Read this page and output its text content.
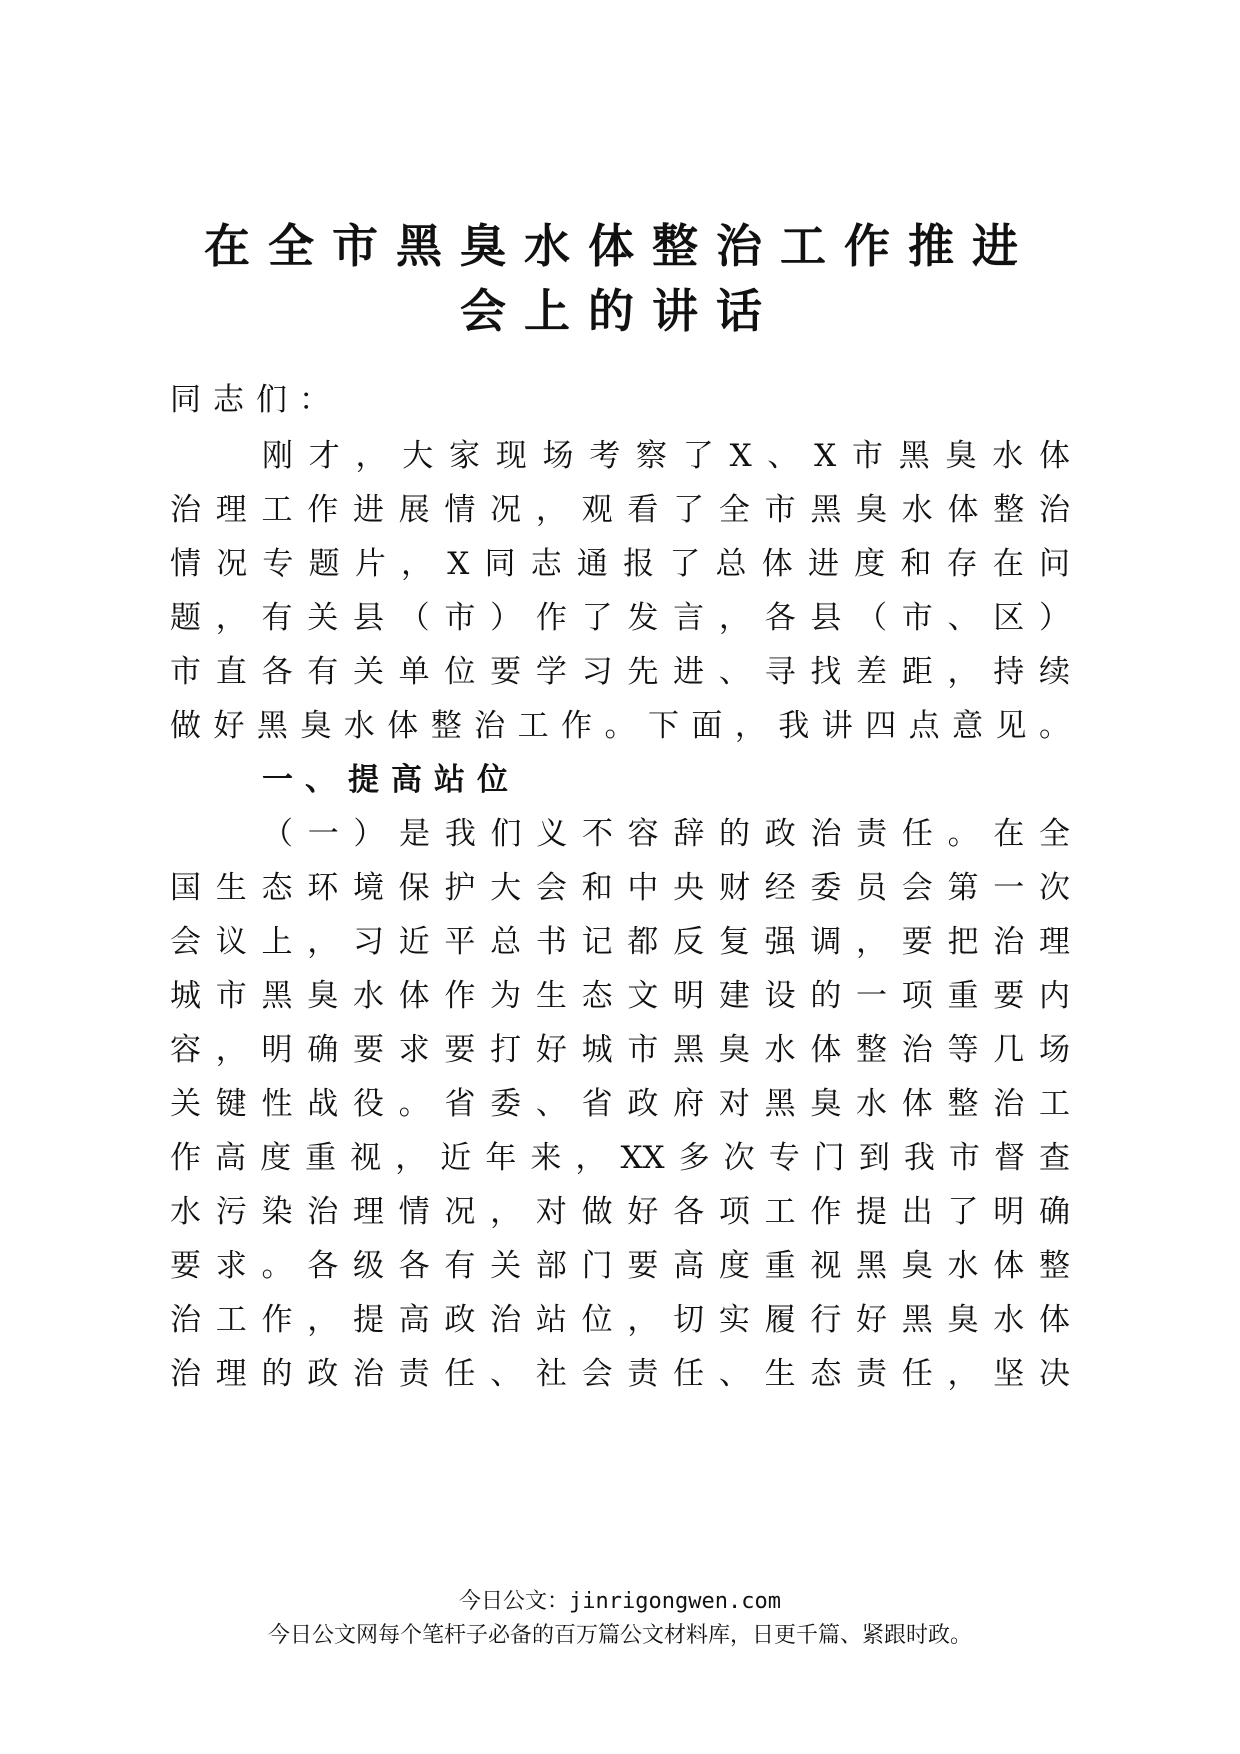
在全市黑臭水体整治工作推进
会上的讲话
同志们：
刚才，大家现场考察了X、X市黑臭水体
治理工作进展情况，观看了全市黑臭水体整治
情况专题片，X同志通报了总体进度和存在问
题，有关县（市）作了发言，各县（市、区）
市直各有关单位要学习先进、寻找差距，持续
做好黑臭水体整治工作。下面，我讲四点意见。
一、提高站位
（一）是我们义不容辞的政治责任。在全
国生态环境保护大会和中央财经委员会第一次
会议上，习近平总书记都反复强调，要把治理
城市黑臭水体作为生态文明建设的一项重要内
容，明确要求要打好城市黑臭水体整治等几场
关键性战役。省委、省政府对黑臭水体整治工
作高度重视，近年来，XX多次专门到我市督查
水污染治理情况，对做好各项工作提出了明确
要求。各级各有关部门要高度重视黑臭水体整
治工作，提高政治站位，切实履行好黑臭水体
治理的政治责任、社会责任、生态责任，坚决
今日公文：jinrigongwen.com
今日公文网每个笔杆子必备的百万篇公文材料库，日更千篇、紧跟时政。
